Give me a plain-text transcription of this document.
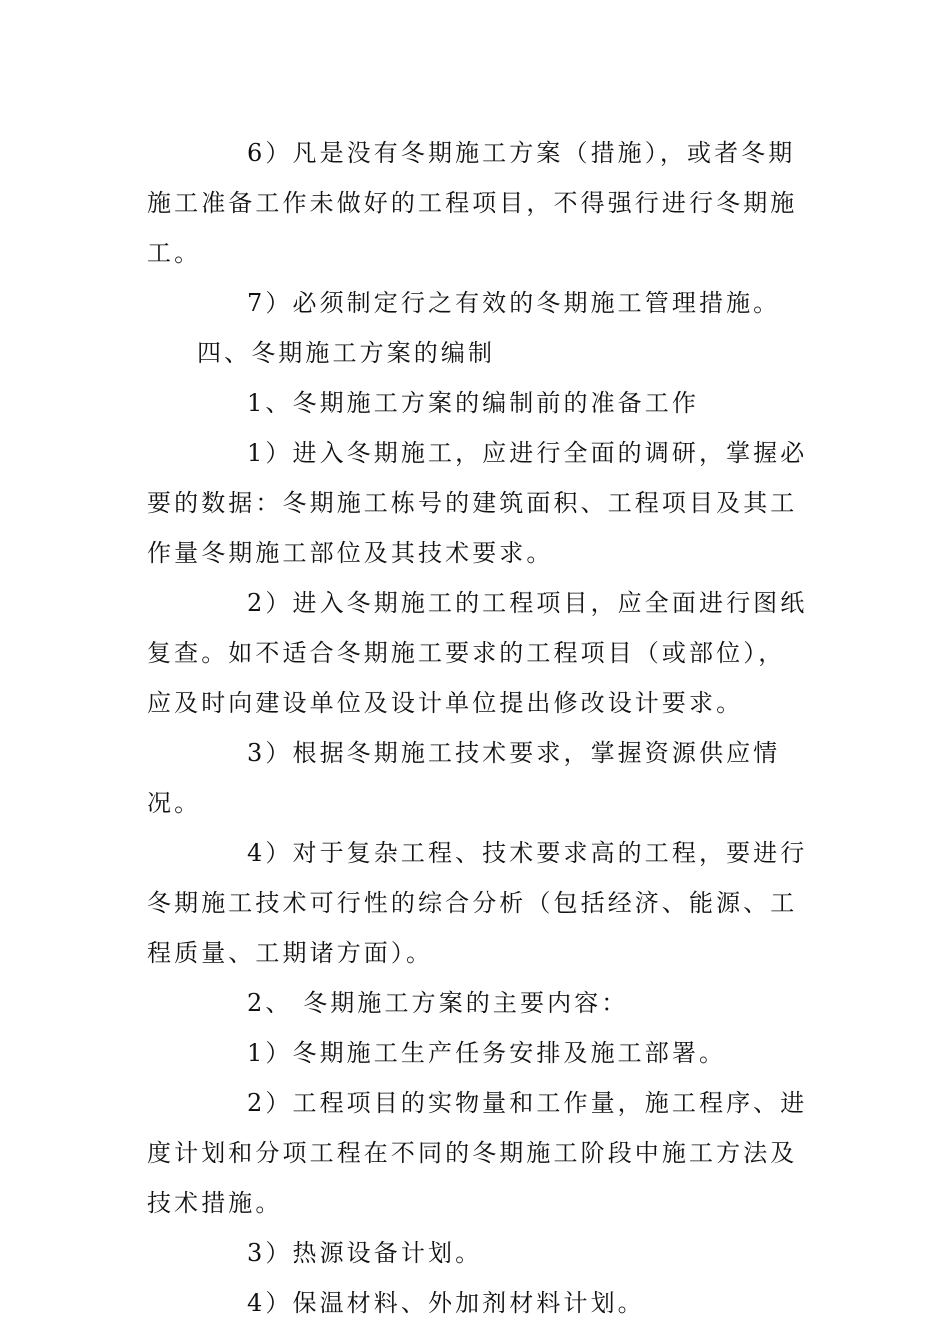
6）凡是没有冬期施工方案（措施），或者冬期施工准备工作未做好的工程项目，不得强行进行冬期施工。

7）必须制定行之有效的冬期施工管理措施。

四、冬期施工方案的编制

1、冬期施工方案的编制前的准备工作

1）进入冬期施工，应进行全面的调研，掌握必要的数据：冬期施工栋号的建筑面积、工程项目及其工作量冬期施工部位及其技术要求。

2）进入冬期施工的工程项目，应全面进行图纸复查。如不适合冬期施工要求的工程项目（或部位），应及时向建设单位及设计单位提出修改设计要求。

3）根据冬期施工技术要求，掌握资源供应情况。

4）对于复杂工程、技术要求高的工程，要进行冬期施工技术可行性的综合分析（包括经济、能源、工程质量、工期诸方面）。

2、 冬期施工方案的主要内容：

1）冬期施工生产任务安排及施工部署。

2）工程项目的实物量和工作量，施工程序、进度计划和分项工程在不同的冬期施工阶段中施工方法及技术措施。

3）热源设备计划。

4）保温材料、外加剂材料计划。
